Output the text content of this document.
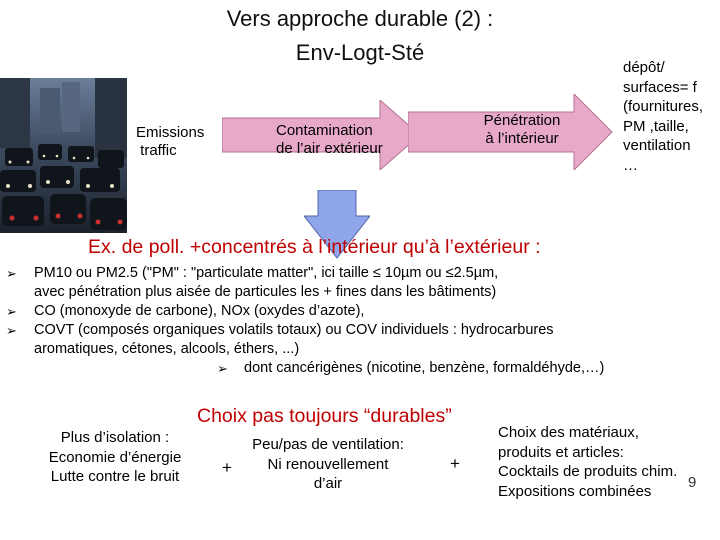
Vers approche durable (2) :
Env-Logt-Sté
Emissions
traffic
Contamination
de l’air extérieur
Pénétration
à l’intérieur
dépôt/
surfaces= f
(fournitures,
PM ,taille,
ventilation
…
Ex. de poll. +concentrés à l’intérieur qu’à l’extérieur :
➢ PM10 ou PM2.5 ("PM" : "particulate matter", ici taille ≤ 10µm ou ≤2.5µm,
avec pénétration plus aisée de particules les + fines dans les bâtiments)
➢ CO (monoxyde de carbone), NOx (oxydes d’azote),
➢ COVT (composés organiques volatils totaux) ou COV individuels : hydrocarbures
aromatiques, cétones, alcools, éthers, ...)
➢ dont cancérigènes (nicotine, benzène, formaldéhyde,…)
Choix pas toujours “durables”
Plus d’isolation :
Economie d’énergie
Lutte contre le bruit	+
Peu/pas de ventilation:
Ni renouvellement
d’air
+
Choix des matériaux,
produits et articles:
Cocktails de produits chim.
Expositions combinées	9
